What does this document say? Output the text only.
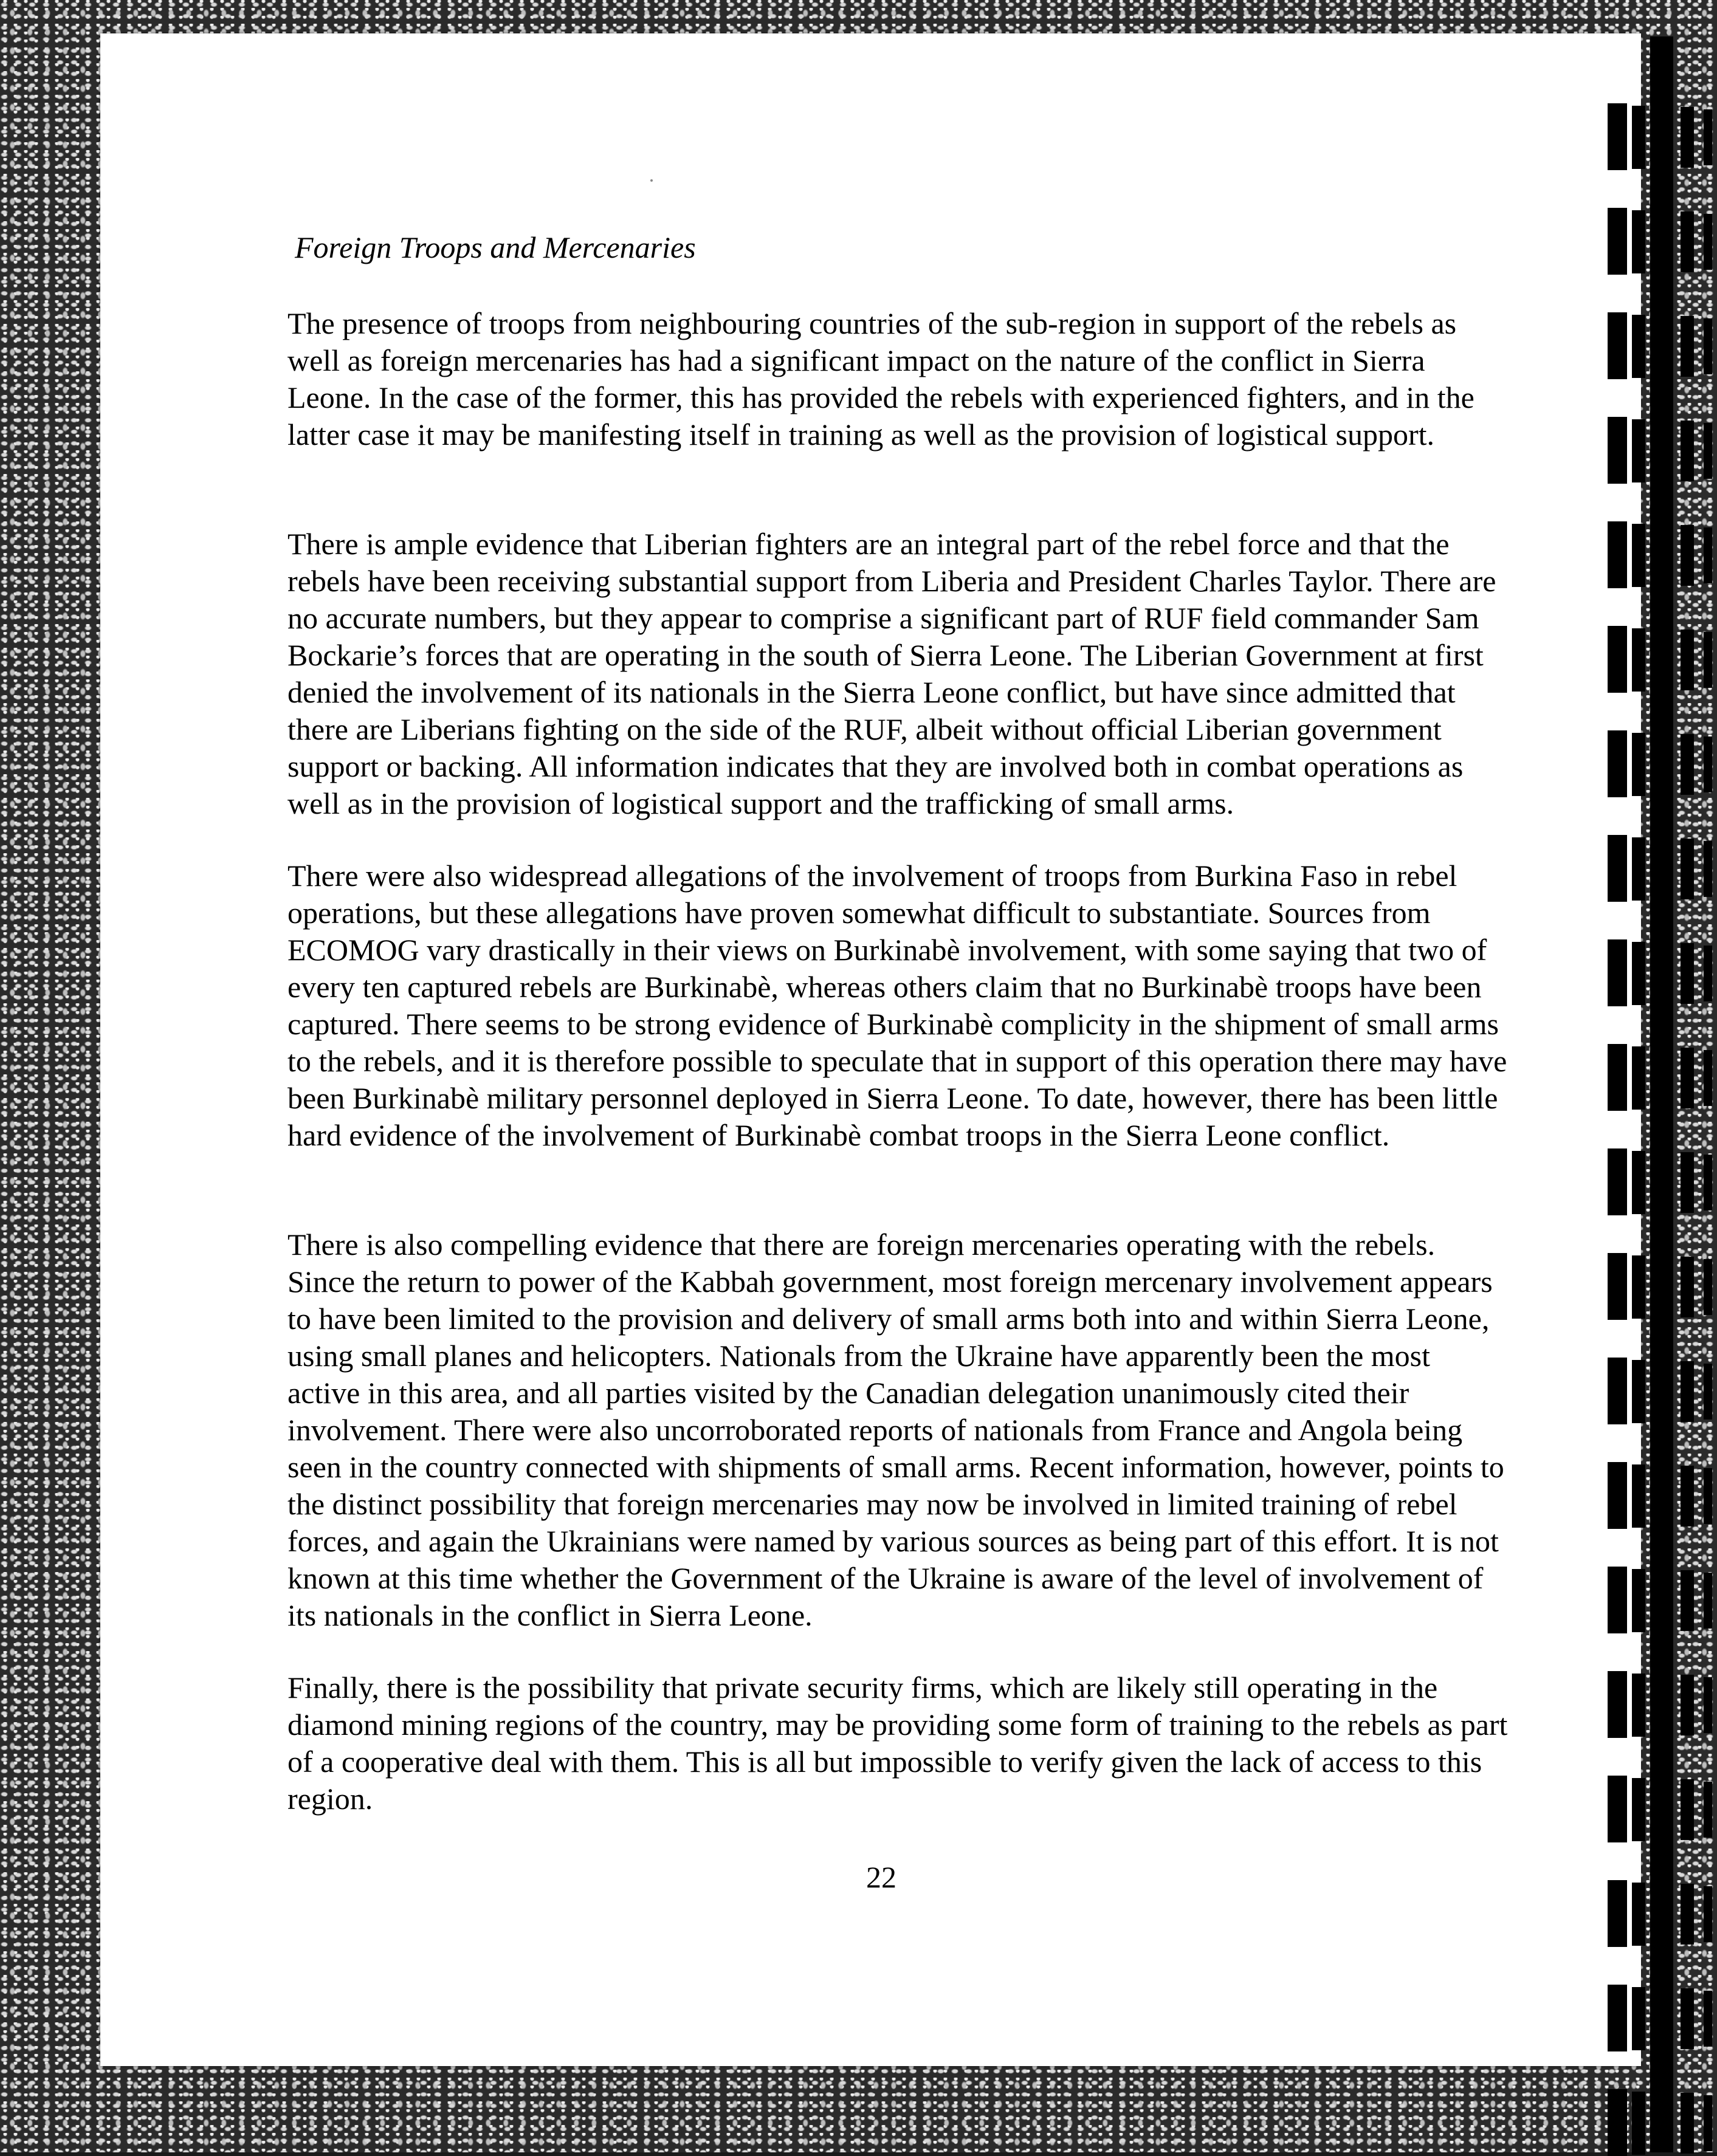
Foreign Troops and Mercenaries

The presence of troops from neighbouring countries of the sub-region in support of the rebels as well as foreign mercenaries has had a significant impact on the nature of the conflict in Sierra Leone. In the case of the former, this has provided the rebels with experienced fighters, and in the latter case it may be manifesting itself in training as well as the provision of logistical support.

There is ample evidence that Liberian fighters are an integral part of the rebel force and that the rebels have been receiving substantial support from Liberia and President Charles Taylor. There are no accurate numbers, but they appear to comprise a significant part of RUF field commander Sam Bockarie’s forces that are operating in the south of Sierra Leone. The Liberian Government at first denied the involvement of its nationals in the Sierra Leone conflict, but have since admitted that there are Liberians fighting on the side of the RUF, albeit without official Liberian government support or backing. All information indicates that they are involved both in combat operations as well as in the provision of logistical support and the trafficking of small arms.

There were also widespread allegations of the involvement of troops from Burkina Faso in rebel operations, but these allegations have proven somewhat difficult to substantiate. Sources from ECOMOG vary drastically in their views on Burkinabè involvement, with some saying that two of every ten captured rebels are Burkinabè, whereas others claim that no Burkinabè troops have been captured. There seems to be strong evidence of Burkinabè complicity in the shipment of small arms to the rebels, and it is therefore possible to speculate that in support of this operation there may have been Burkinabè military personnel deployed in Sierra Leone. To date, however, there has been little hard evidence of the involvement of Burkinabè combat troops in the Sierra Leone conflict.

There is also compelling evidence that there are foreign mercenaries operating with the rebels. Since the return to power of the Kabbah government, most foreign mercenary involvement appears to have been limited to the provision and delivery of small arms both into and within Sierra Leone, using small planes and helicopters. Nationals from the Ukraine have apparently been the most active in this area, and all parties visited by the Canadian delegation unanimously cited their involvement. There were also uncorroborated reports of nationals from France and Angola being seen in the country connected with shipments of small arms. Recent information, however, points to the distinct possibility that foreign mercenaries may now be involved in limited training of rebel forces, and again the Ukrainians were named by various sources as being part of this effort. It is not known at this time whether the Government of the Ukraine is aware of the level of involvement of its nationals in the conflict in Sierra Leone.

Finally, there is the possibility that private security firms, which are likely still operating in the diamond mining regions of the country, may be providing some form of training to the rebels as part of a cooperative deal with them. This is all but impossible to verify given the lack of access to this region.

22
